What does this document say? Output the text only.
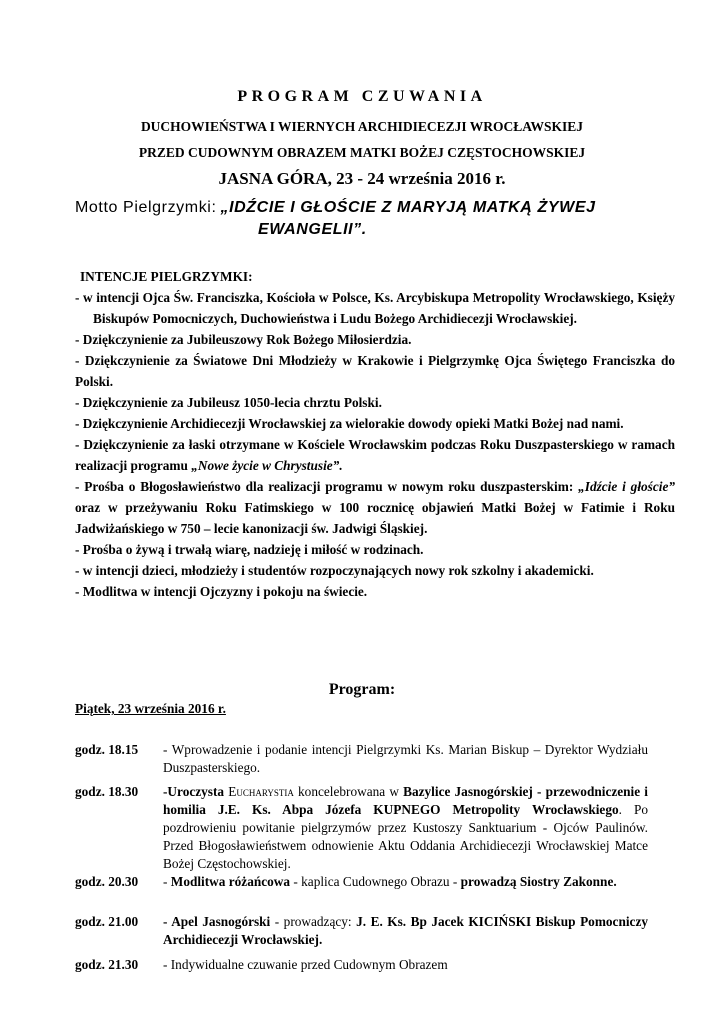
PROGRAM CZUWANIA
DUCHOWIEŃSTWA I WIERNYCH ARCHIDIECEZJI WROCŁAWSKIEJ
PRZED CUDOWNYM OBRAZEM MATKI BOŻEJ CZĘSTOCHOWSKIEJ
JASNA GÓRA, 23 - 24 września 2016 r.
Motto Pielgrzymki: „IDŹCIE I GŁOŚCIE Z MARYJĄ MATKĄ ŻYWEJ
EWANGELII”.
INTENCJE PIELGRZYMKI:

- w intencji Ojca Św. Franciszka, Kościoła w Polsce, Ks. Arcybiskupa Metropolity Wrocławskiego, Księży Biskupów Pomocniczych, Duchowieństwa i Ludu Bożego Archidiecezji Wrocławskiej.

- Dziękczynienie za Jubileuszowy Rok Bożego Miłosierdzia.

- Dziękczynienie za Światowe Dni Młodzieży w Krakowie i Pielgrzymkę Ojca Świętego Franciszka do Polski.

- Dziękczynienie za Jubileusz 1050-lecia chrztu Polski.

- Dziękczynienie Archidiecezji Wrocławskiej za wielorakie dowody opieki Matki Bożej nad nami.

- Dziękczynienie za łaski otrzymane w Kościele Wrocławskim podczas Roku Duszpasterskiego w ramach realizacji programu „Nowe życie w Chrystusie”.

- Prośba o Błogosławieństwo dla realizacji programu w nowym roku duszpasterskim: „Idźcie i głoście” oraz w przeżywaniu Roku Fatimskiego w 100 rocznicę objawień Matki Bożej w Fatimie i Roku Jadwiżańskiego w 750 – lecie kanonizacji św. Jadwigi Śląskiej.

- Prośba o żywą i trwałą wiarę, nadzieję i miłość w rodzinach.

- w intencji dzieci, młodzieży i studentów rozpoczynających nowy rok szkolny i akademicki.

- Modlitwa w intencji Ojczyzny i pokoju na świecie.

Program:
Piątek, 23 września 2016 r.
godz. 18.15 - Wprowadzenie i podanie intencji Pielgrzymki Ks. Marian Biskup – Dyrektor Wydziału Duszpasterskiego.
godz. 18.30 -Uroczysta Eucharystia koncelebrowana w Bazylice Jasnogórskiej - przewodniczenie i homilia J.E. Ks. Abpa Józefa KUPNEGO Metropolity Wrocławskiego. Po pozdrowieniu powitanie pielgrzymów przez Kustoszy Sanktuarium - Ojców Paulinów. Przed Błogosławieństwem odnowienie Aktu Oddania Archidiecezji Wrocławskiej Matce Bożej Częstochowskiej.
godz. 20.30 - Modlitwa różańcowa - kaplica Cudownego Obrazu - prowadzą Siostry Zakonne.
godz. 21.00 - Apel Jasnogórski - prowadzący: J. E. Ks. Bp Jacek KICIŃSKI Biskup Pomocniczy Archidiecezji Wrocławskiej.
godz. 21.30 - Indywidualne czuwanie przed Cudownym Obrazem
